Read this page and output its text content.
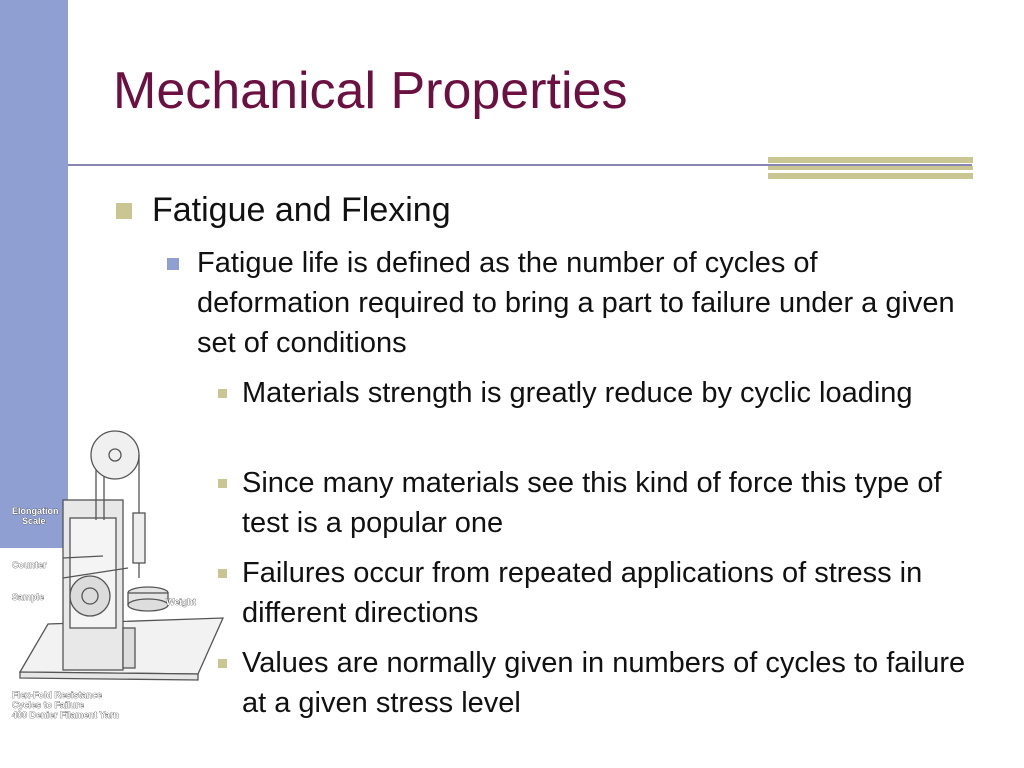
Mechanical Properties
Elongation
Scale
Counter
Sample	Weight
Flex-Fold Resistance
Cycles to Failure
400 Denier Filament Yarn
Fatigue and Flexing
Fatigue life is defined as the number of cycles of deformation required to bring a part to failure under a given set of conditions
Materials strength is greatly reduce by cyclic loading
Since many materials see this kind of force this type of test is a popular one
Failures occur from repeated applications of stress in different directions
Values are normally given in numbers of cycles to failure at a given stress level
